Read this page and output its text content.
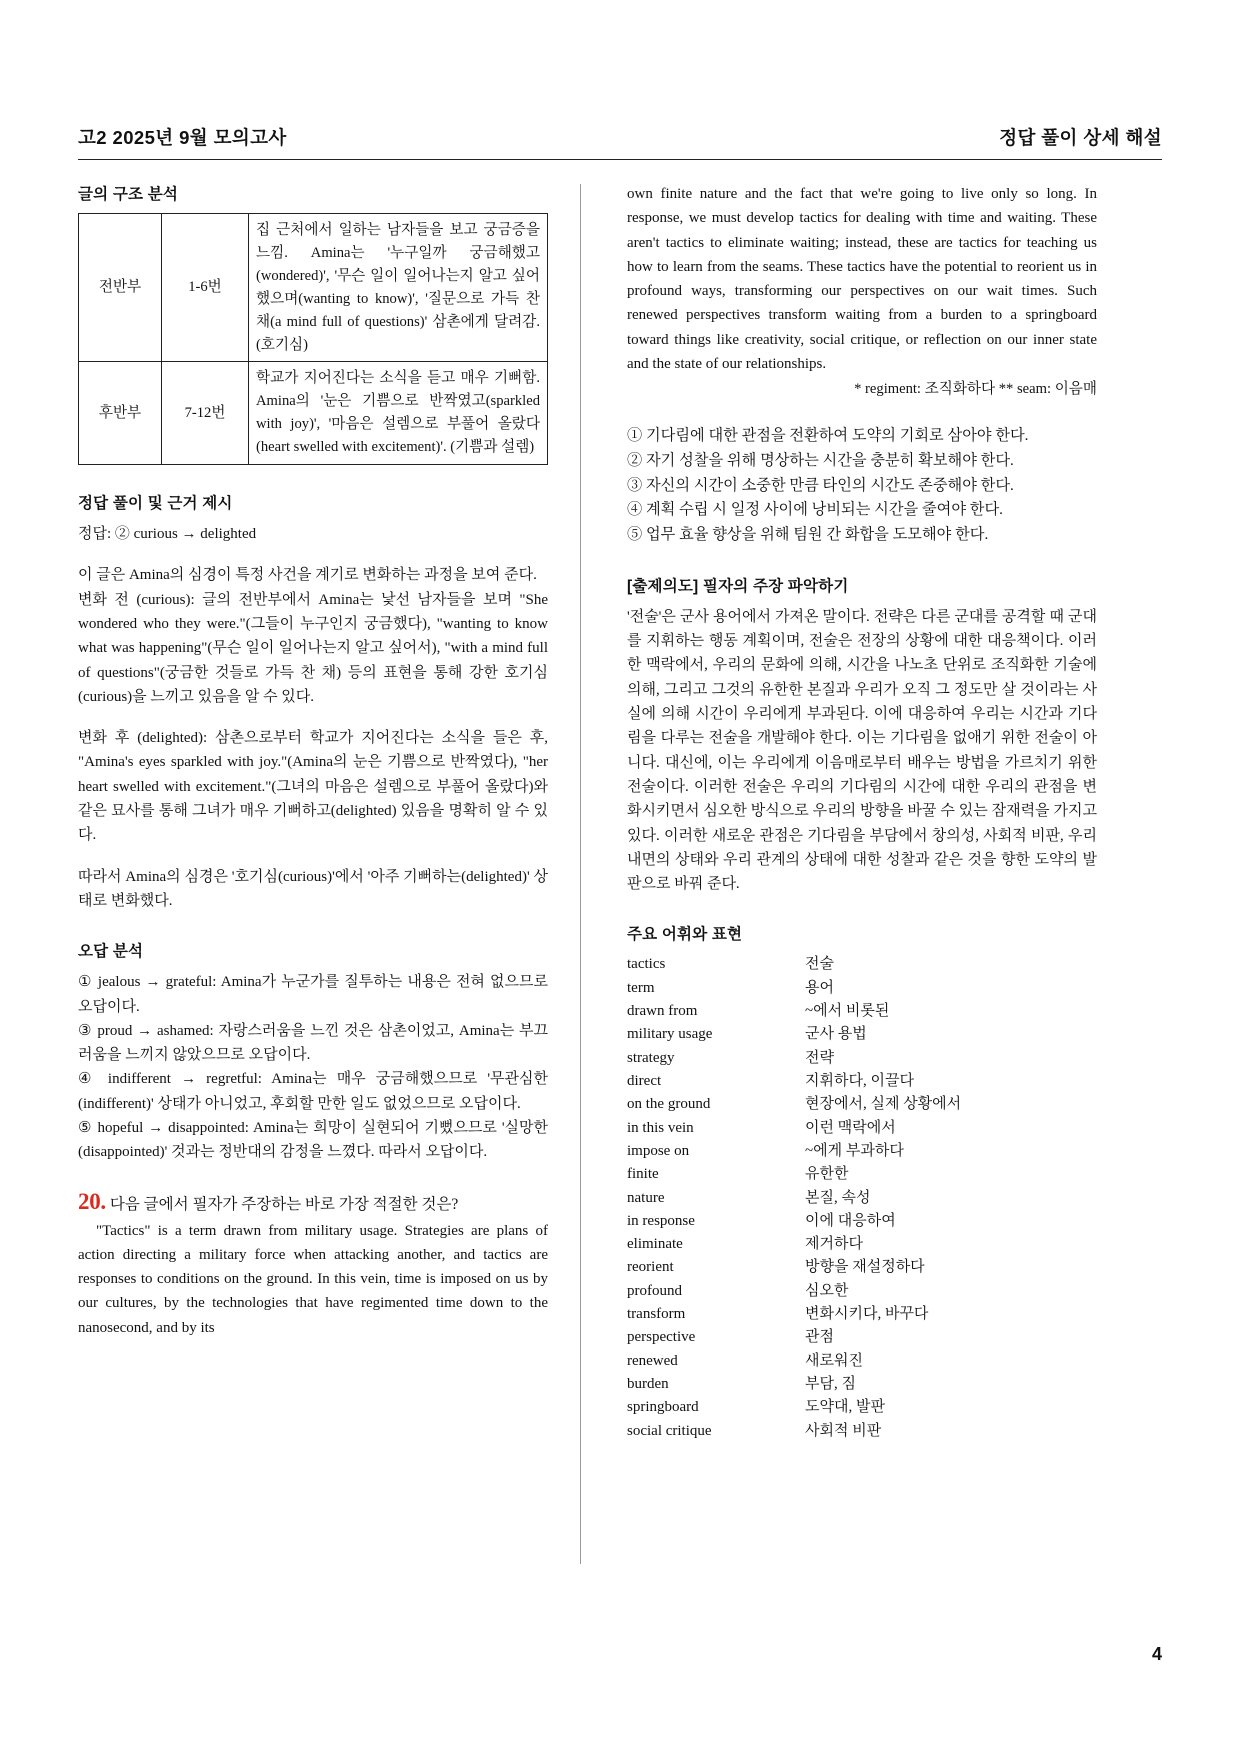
고2 2025년 9월 모의고사	정답 풀이 상세 해설
글의 구조 분석
전반부	1-6번	집 근처에서 일하는 남자들을 보고 궁금증을 느낌. Amina는 '누구일까 궁금해했고(wondered)', '무슨 일이 일어나는지 알고 싶어 했으며(wanting to know)', '질문으로 가득 찬 채(a mind full of questions)' 삼촌에게 달려감. (호기심)
후반부	7-12번	학교가 지어진다는 소식을 듣고 매우 기뻐함. Amina의 '눈은 기쁨으로 반짝였고(sparkled with joy)', '마음은 설렘으로 부풀어 올랐다(heart swelled with excitement)'. (기쁨과 설렘)
정답 풀이 및 근거 제시
정답: ② curious → delighted

이 글은 Amina의 심경이 특정 사건을 계기로 변화하는 과정을 보여 준다.

변화 전 (curious): 글의 전반부에서 Amina는 낯선 남자들을 보며 "She wondered who they were."(그들이 누구인지 궁금했다), "wanting to know what was happening"(무슨 일이 일어나는지 알고 싶어서), "with a mind full of questions"(궁금한 것들로 가득 찬 채) 등의 표현을 통해 강한 호기심(curious)을 느끼고 있음을 알 수 있다.

변화 후 (delighted): 삼촌으로부터 학교가 지어진다는 소식을 들은 후, "Amina's eyes sparkled with joy."(Amina의 눈은 기쁨으로 반짝였다), "her heart swelled with excitement."(그녀의 마음은 설렘으로 부풀어 올랐다)와 같은 묘사를 통해 그녀가 매우 기뻐하고(delighted) 있음을 명확히 알 수 있다.

따라서 Amina의 심경은 '호기심(curious)'에서 '아주 기뻐하는(delighted)' 상태로 변화했다.

오답 분석

① jealous → grateful: Amina가 누군가를 질투하는 내용은 전혀 없으므로 오답이다.

③ proud → ashamed: 자랑스러움을 느낀 것은 삼촌이었고, Amina는 부끄러움을 느끼지 않았으므로 오답이다.

④ indifferent → regretful: Amina는 매우 궁금해했으므로 '무관심한(indifferent)' 상태가 아니었고, 후회할 만한 일도 없었으므로 오답이다.

⑤ hopeful → disappointed: Amina는 희망이 실현되어 기뻤으므로 '실망한(disappointed)' 것과는 정반대의 감정을 느꼈다. 따라서 오답이다.

20. 다음 글에서 필자가 주장하는 바로 가장 적절한 것은?

"Tactics" is a term drawn from military usage. Strategies are plans of action directing a military force when attacking another, and tactics are responses to conditions on the ground. In this vein, time is imposed on us by our cultures, by the technologies that have regimented time down to the nanosecond, and by its

own finite nature and the fact that we're going to live only so long. In response, we must develop tactics for dealing with time and waiting. These aren't tactics to eliminate waiting; instead, these are tactics for teaching us how to learn from the seams. These tactics have the potential to reorient us in profound ways, transforming our perspectives on our wait times. Such renewed perspectives transform waiting from a burden to a springboard toward things like creativity, social critique, or reflection on our inner state and the state of our relationships.

* regiment: 조직화하다 ** seam: 이음매

① 기다림에 대한 관점을 전환하여 도약의 기회로 삼아야 한다.
② 자기 성찰을 위해 명상하는 시간을 충분히 확보해야 한다.
③ 자신의 시간이 소중한 만큼 타인의 시간도 존중해야 한다.
④ 계획 수립 시 일정 사이에 낭비되는 시간을 줄여야 한다.
⑤ 업무 효율 향상을 위해 팀원 간 화합을 도모해야 한다.
[출제의도] 필자의 주장 파악하기

'전술'은 군사 용어에서 가져온 말이다. 전략은 다른 군대를 공격할 때 군대를 지휘하는 행동 계획이며, 전술은 전장의 상황에 대한 대응책이다. 이러한 맥락에서, 우리의 문화에 의해, 시간을 나노초 단위로 조직화한 기술에 의해, 그리고 그것의 유한한 본질과 우리가 오직 그 정도만 살 것이라는 사실에 의해 시간이 우리에게 부과된다. 이에 대응하여 우리는 시간과 기다림을 다루는 전술을 개발해야 한다. 이는 기다림을 없애기 위한 전술이 아니다. 대신에, 이는 우리에게 이음매로부터 배우는 방법을 가르치기 위한 전술이다. 이러한 전술은 우리의 기다림의 시간에 대한 우리의 관점을 변화시키면서 심오한 방식으로 우리의 방향을 바꿀 수 있는 잠재력을 가지고 있다. 이러한 새로운 관점은 기다림을 부담에서 창의성, 사회적 비판, 우리 내면의 상태와 우리 관계의 상태에 대한 성찰과 같은 것을 향한 도약의 발판으로 바꿔 준다.

주요 어휘와 표현
tactics	전술
term	용어
drawn from	~에서 비롯된
military usage	군사 용법
strategy	전략
direct	지휘하다, 이끌다
on the ground	현장에서, 실제 상황에서
in this vein	이런 맥락에서
impose on	~에게 부과하다
finite	유한한
nature	본질, 속성
in response	이에 대응하여
eliminate	제거하다
reorient	방향을 재설정하다
profound	심오한
transform	변화시키다, 바꾸다
perspective	관점
renewed	새로워진
burden	부담, 짐
springboard	도약대, 발판
social critique	사회적 비판
4
